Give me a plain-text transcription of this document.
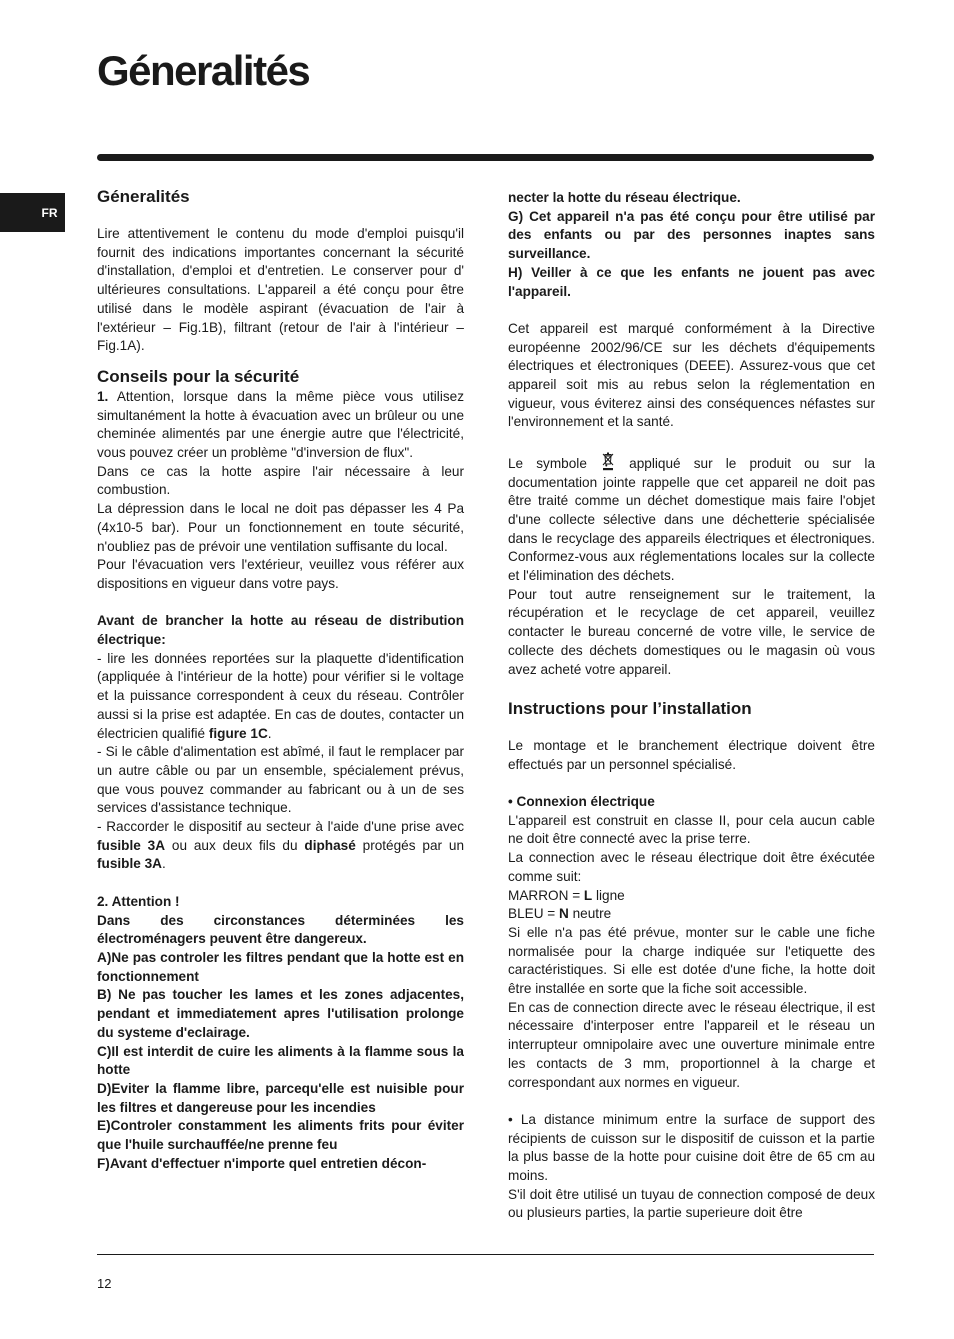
Géneralités
FR
Géneralités

Lire attentivement le contenu du mode d'emploi puisqu'il fournit des indications importantes concernant la sécurité d'installation, d'emploi et d'entretien. Le conserver pour d' ultérieures consultations. L'appareil a été conçu pour être utilisé dans le modèle aspirant (évacuation de l'air à l'extérieur – Fig.1B), filtrant (retour de l'air à l'intérieur – Fig.1A).

Conseils pour la sécurité

1. Attention, lorsque dans la même pièce vous utilisez simultanément la hotte à évacuation avec un brûleur ou une cheminée alimentés par une énergie autre que l'électricité, vous pouvez créer un problème "d'inversion de flux".

Dans ce cas la hotte aspire l'air nécessaire à leur combustion.

La dépression dans le local ne doit pas dépasser les 4 Pa (4x10-5 bar). Pour un fonctionnement en toute sécurité, n'oubliez pas de prévoir une ventilation suffisante du local.

Pour l'évacuation vers l'extérieur, veuillez vous référer aux dispositions en vigueur dans votre pays.

Avant de brancher la hotte au réseau de distribution électrique:

- lire les données reportées sur la plaquette d'identification (appliquée à l'intérieur de la hotte) pour vérifier si le voltage et la puissance correspondent à ceux du réseau. Contrôler aussi si la prise est adaptée. En cas de doutes, contacter un électricien qualifié figure 1C.

- Si le câble d'alimentation est abîmé, il faut le remplacer par un autre câble ou par un ensemble, spécialement prévus, que vous pouvez commander au fabricant ou à un de ses services d'assistance technique.

- Raccorder le dispositif au secteur à l'aide d'une prise avec fusible 3A ou aux deux fils du diphasé protégés par un fusible 3A.

2. Attention !

Dans des circonstances déterminées les électroménagers peuvent être dangereux.

A)Ne pas controler les filtres pendant que la hotte est en fonctionnement

B) Ne pas toucher les lames et les zones adjacentes, pendant et immediatement apres l'utilisation prolonge du systeme d'eclairage.

C)Il est interdit de cuire les aliments à la flamme sous la hotte

D)Eviter la flamme libre, parcequ'elle est nuisible pour les filtres et dangereuse pour les incendies

E)Controler constamment les aliments frits pour éviter que l'huile surchauffée/ne prenne feu

F)Avant d'effectuer n'importe quel entretien décon-

necter la hotte du réseau électrique.

G) Cet appareil n'a pas été conçu pour être utilisé par des enfants ou par des personnes inaptes sans surveillance.

H) Veiller à ce que les enfants ne jouent pas avec l'appareil.

Cet appareil est marqué conformément à la Directive européenne 2002/96/CE sur les déchets d'équipements électriques et électroniques (DEEE). Assurez-vous que cet appareil soit mis au rebus selon la réglementation en vigueur, vous éviterez ainsi des conséquences néfastes sur l'environnement et la santé.

Le symbole  appliqué sur le produit ou sur la documentation jointe rappelle que cet appareil ne doit pas être traité comme un déchet domestique mais faire l'objet d'une collecte sélective dans une déchetterie spécialisée dans le recyclage des appareils électriques et électroniques. Conformez-vous aux réglementations locales sur la collecte et l'élimination des déchets.

Pour tout autre renseignement sur le traitement, la récupération et le recyclage de cet appareil, veuillez contacter le bureau concerné de votre ville, le service de collecte des déchets domestiques ou le magasin où vous avez acheté votre appareil.

Instructions pour l’installation

Le montage et le branchement électrique doivent être effectués par un personnel spécialisé.

• Connexion électrique

L'appareil est construit en classe II, pour cela aucun cable ne doit être connecté avec la prise terre.

La connection avec le réseau électrique doit être éxécutée comme suit:

MARRON = L ligne

BLEU = N neutre

Si elle n'a pas été prévue, monter sur le cable une fiche normalisée pour la charge indiquée sur l'etiquette des caractéristiques. Si elle est dotée d'une fiche, la hotte doit être installée en sorte que la fiche soit accessible.

En cas de connection directe avec le réseau électrique, il est nécessaire d'interposer entre l'appareil et le réseau un interrupteur omnipolaire avec une ouverture minimale entre les contacts de 3 mm, proportionnel à la charge et correspondant aux normes en vigueur.

• La distance minimum entre la surface de support des récipients de cuisson sur le dispositif de cuisson et la partie la plus basse de la hotte pour cuisine doit être de 65 cm au moins.

S'il doit être utilisé un tuyau de connection composé de deux ou plusieurs parties, la partie superieure doit être

12
